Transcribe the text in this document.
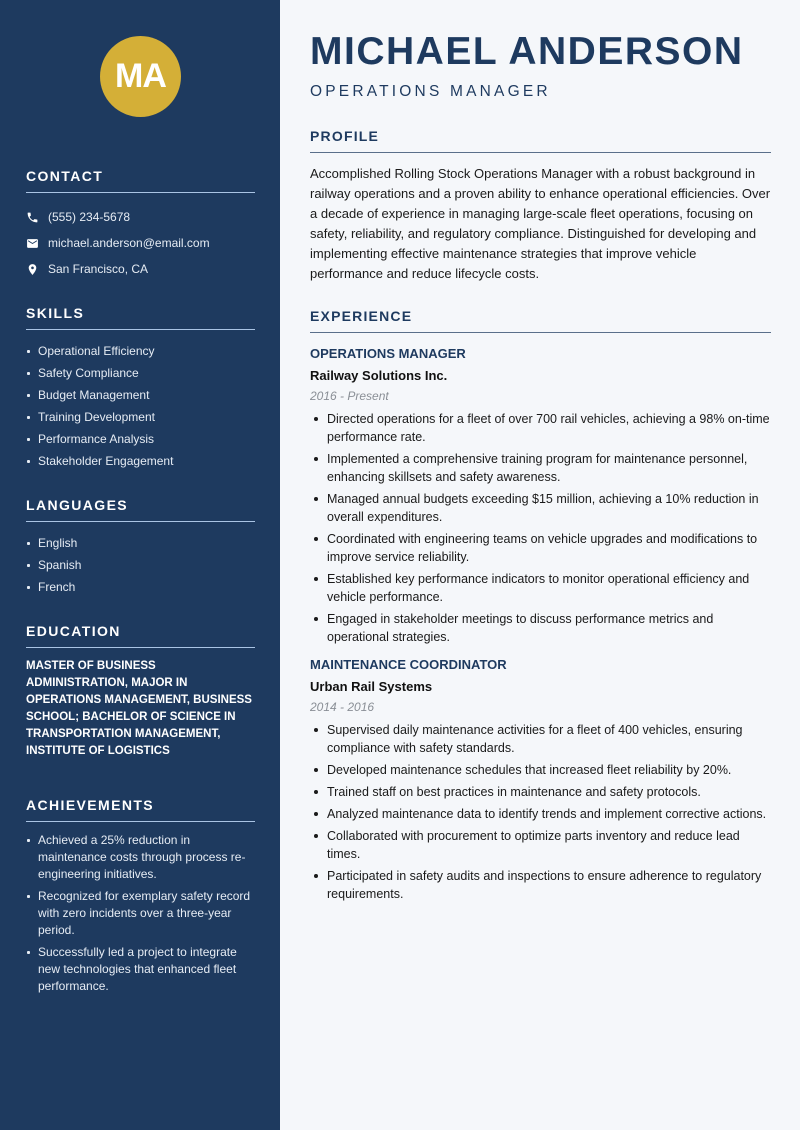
MA
CONTACT
(555) 234-5678
michael.anderson@email.com
San Francisco, CA
SKILLS
Operational Efficiency
Safety Compliance
Budget Management
Training Development
Performance Analysis
Stakeholder Engagement
LANGUAGES
English
Spanish
French
EDUCATION

MASTER OF BUSINESS ADMINISTRATION, MAJOR IN OPERATIONS MANAGEMENT, BUSINESS SCHOOL; BACHELOR OF SCIENCE IN TRANSPORTATION MANAGEMENT, INSTITUTE OF LOGISTICS

ACHIEVEMENTS
Achieved a 25% reduction in maintenance costs through process re-engineering initiatives.
Recognized for exemplary safety record with zero incidents over a three-year period.
Successfully led a project to integrate new technologies that enhanced fleet performance.
MICHAEL ANDERSON
OPERATIONS MANAGER
PROFILE

Accomplished Rolling Stock Operations Manager with a robust background in railway operations and a proven ability to enhance operational efficiencies. Over a decade of experience in managing large-scale fleet operations, focusing on safety, reliability, and regulatory compliance. Distinguished for developing and implementing effective maintenance strategies that improve vehicle performance and reduce lifecycle costs.

EXPERIENCE
OPERATIONS MANAGER
Railway Solutions Inc.
2016 - Present
Directed operations for a fleet of over 700 rail vehicles, achieving a 98% on-time performance rate.
Implemented a comprehensive training program for maintenance personnel, enhancing skillsets and safety awareness.
Managed annual budgets exceeding $15 million, achieving a 10% reduction in overall expenditures.
Coordinated with engineering teams on vehicle upgrades and modifications to improve service reliability.
Established key performance indicators to monitor operational efficiency and vehicle performance.
Engaged in stakeholder meetings to discuss performance metrics and operational strategies.
MAINTENANCE COORDINATOR
Urban Rail Systems
2014 - 2016
Supervised daily maintenance activities for a fleet of 400 vehicles, ensuring compliance with safety standards.
Developed maintenance schedules that increased fleet reliability by 20%.
Trained staff on best practices in maintenance and safety protocols.
Analyzed maintenance data to identify trends and implement corrective actions.
Collaborated with procurement to optimize parts inventory and reduce lead times.
Participated in safety audits and inspections to ensure adherence to regulatory requirements.
